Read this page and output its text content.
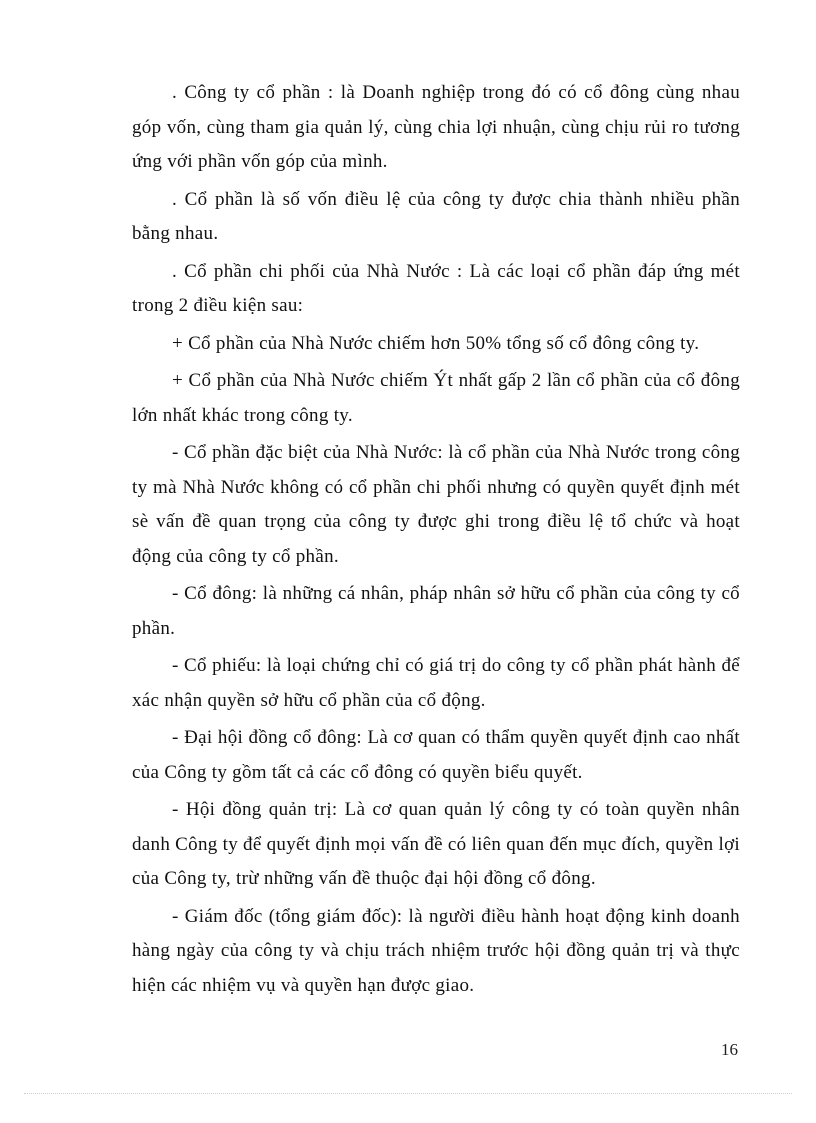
. Công ty cổ phần : là Doanh nghiệp trong đó có cổ đông cùng nhau góp vốn, cùng tham gia quản lý, cùng chia lợi nhuận, cùng chịu rủi ro tương ứng với phần vốn góp của mình.

. Cổ phần là số vốn điều lệ của công ty được chia thành nhiều phần bằng nhau.

. Cổ phần chi phối của Nhà Nước : Là các loại cổ phần đáp ứng mét trong 2 điều kiện sau:

+ Cổ phần của Nhà Nước chiếm hơn 50% tổng số cổ đông công ty.

+ Cổ phần của Nhà Nước chiếm Ýt nhất gấp 2 lần cổ phần của cổ đông lớn nhất khác trong công ty.

- Cổ phần đặc biệt của Nhà Nước: là cổ phần của Nhà Nước trong công ty mà Nhà Nước không có cổ phần chi phối nhưng có quyền quyết định mét sè vấn đề quan trọng của công ty được ghi trong điều lệ tổ chức và hoạt động của công ty cổ phần.

- Cổ đông: là những cá nhân, pháp nhân sở hữu cổ phần của công ty cổ phần.

- Cổ phiếu: là loại chứng chỉ có giá trị do công ty cổ phần phát hành để xác nhận quyền sở hữu cổ phần của cổ động.

- Đại hội đồng cổ đông: Là cơ quan có thẩm quyền quyết định cao nhất của Công ty gồm tất cả các cổ đông có quyền biểu quyết.

- Hội đồng quản trị: Là cơ quan quản lý công ty có toàn quyền nhân danh Công ty để quyết định mọi vấn đề có liên quan đến mục đích, quyền lợi của Công ty, trừ những vấn đề thuộc đại hội đồng cổ đông.

- Giám đốc (tổng giám đốc): là người điều hành hoạt động kinh doanh hàng ngày của công ty và chịu trách nhiệm trước hội đồng quản trị và thực hiện các nhiệm vụ và quyền hạn được giao.

16
